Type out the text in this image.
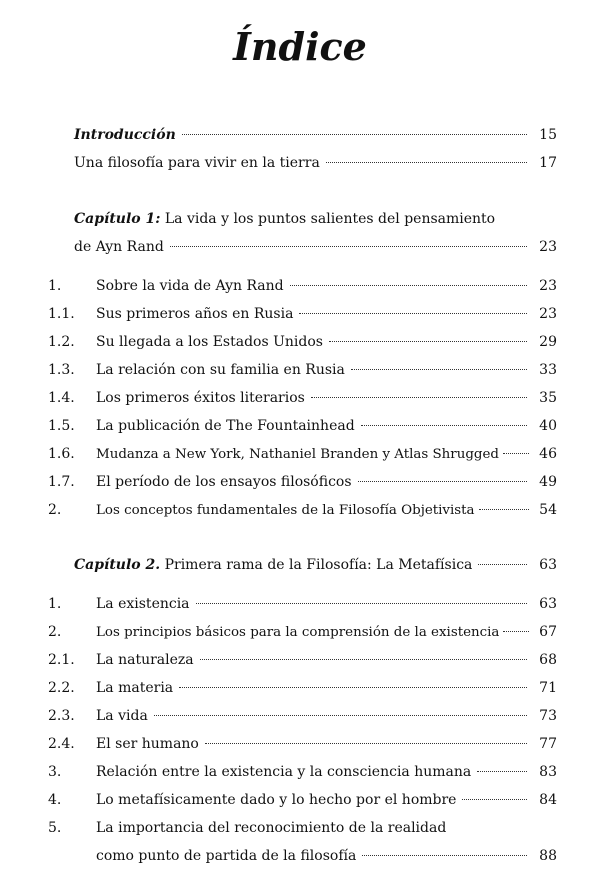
Índice
Introducción	15
Una filosofía para vivir en la tierra	17
Capítulo 1: La vida y los puntos salientes del pensamiento
de Ayn Rand	23
1. Sobre la vida de Ayn Rand	23
1.1. Sus primeros años en Rusia	23
1.2. Su llegada a los Estados Unidos	29
1.3. La relación con su familia en Rusia	33
1.4. Los primeros éxitos literarios	35
1.5. La publicación de The Fountainhead	40
1.6. Mudanza a New York, Nathaniel Branden y Atlas Shrugged	46
1.7. El período de los ensayos filosóficos	49
2.	Los conceptos fundamentales de la Filosofía Objetivista	54
Capítulo 2. Primera rama de la Filosofía: La Metafísica	63
1. La existencia	63
2.	Los principios básicos para la comprensión de la existencia	67
2.1. La naturaleza	68
2.2. La materia	71
2.3. La vida	73
2.4. El ser humano	77
3. Relación entre la existencia y la consciencia humana	83
4. Lo metafísicamente dado y lo hecho por el hombre	84
5. La importancia del reconocimiento de la realidad
como punto de partida de la filosofía	88
